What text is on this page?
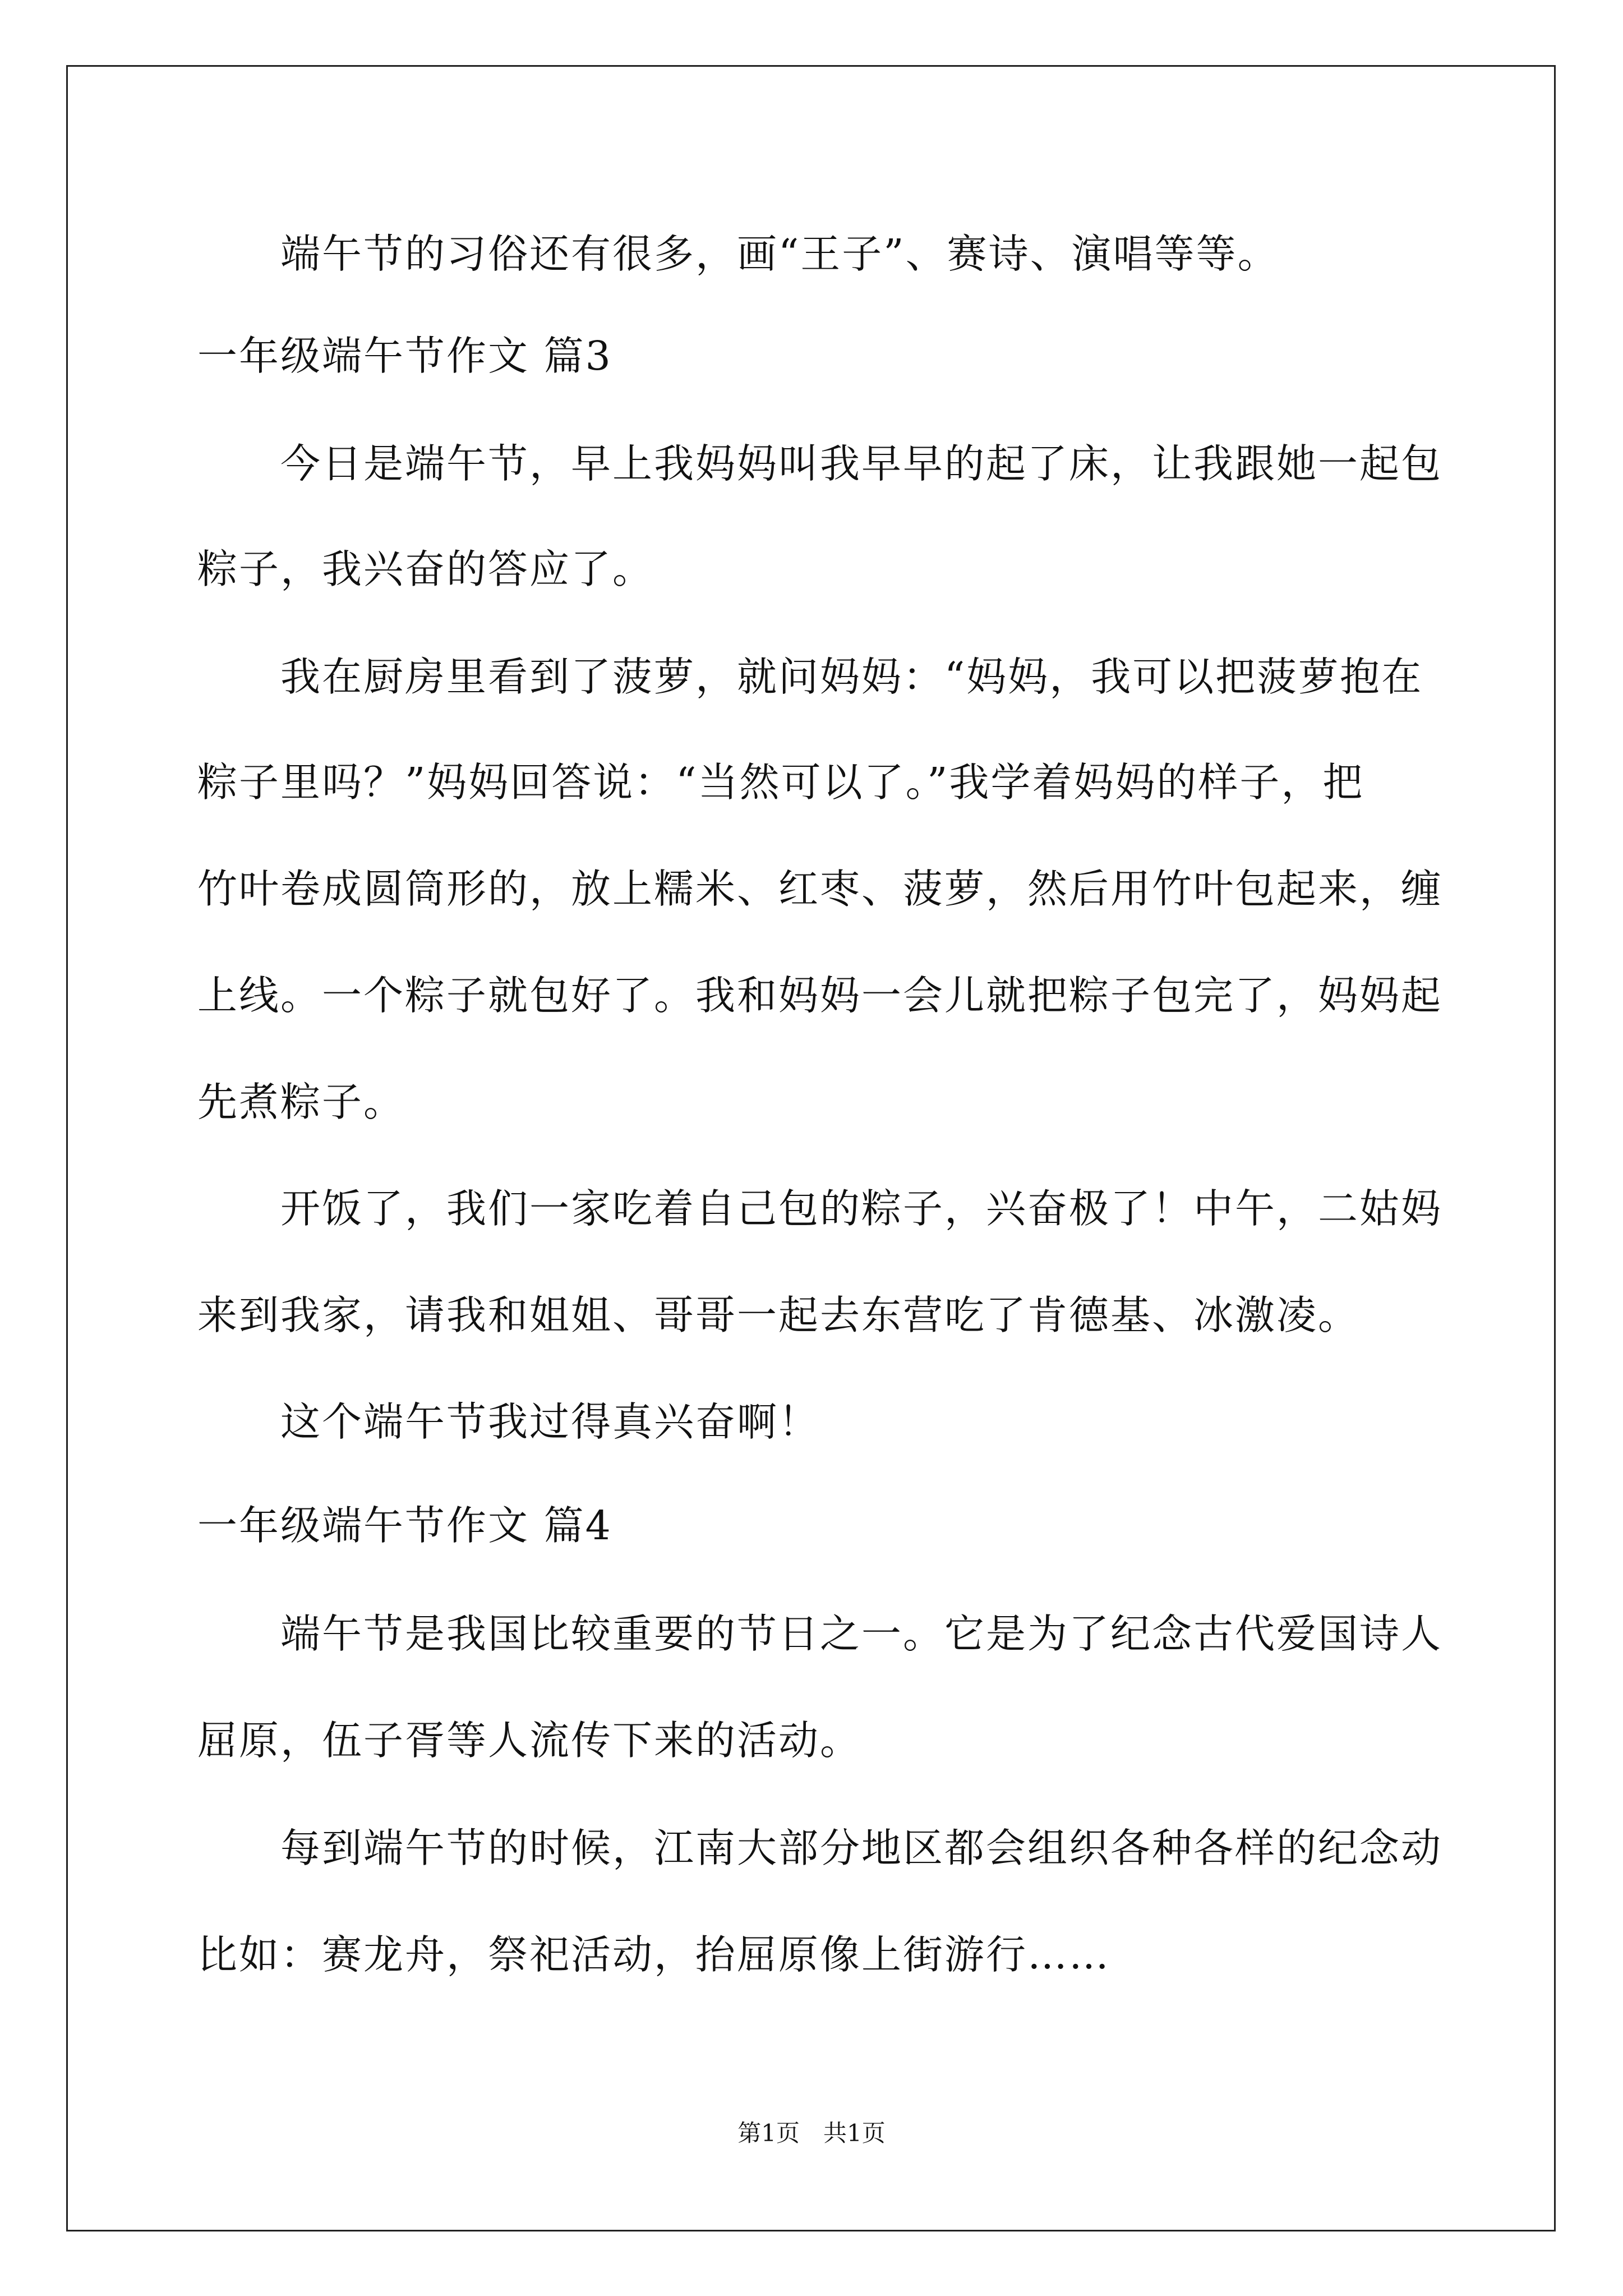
端午节的习俗还有很多，画“王子”、赛诗、演唱等等。
一年级端午节作文 篇3
今日是端午节，早上我妈妈叫我早早的起了床，让我跟她一起包
粽子，我兴奋的答应了。
我在厨房里看到了菠萝，就问妈妈：“妈妈，我可以把菠萝抱在
粽子里吗？”妈妈回答说：“当然可以了。”我学着妈妈的样子，把
竹叶卷成圆筒形的，放上糯米、红枣、菠萝，然后用竹叶包起来，缠
上线。一个粽子就包好了。我和妈妈一会儿就把粽子包完了，妈妈起
先煮粽子。
开饭了，我们一家吃着自己包的粽子，兴奋极了！中午，二姑妈
来到我家，请我和姐姐、哥哥一起去东营吃了肯德基、冰激凌。
这个端午节我过得真兴奋啊！
一年级端午节作文 篇4
端午节是我国比较重要的节日之一。它是为了纪念古代爱国诗人
屈原，伍子胥等人流传下来的活动。
每到端午节的时候，江南大部分地区都会组织各种各样的纪念动
比如：赛龙舟，祭祀活动，抬屈原像上街游行……
第1页　共1页
